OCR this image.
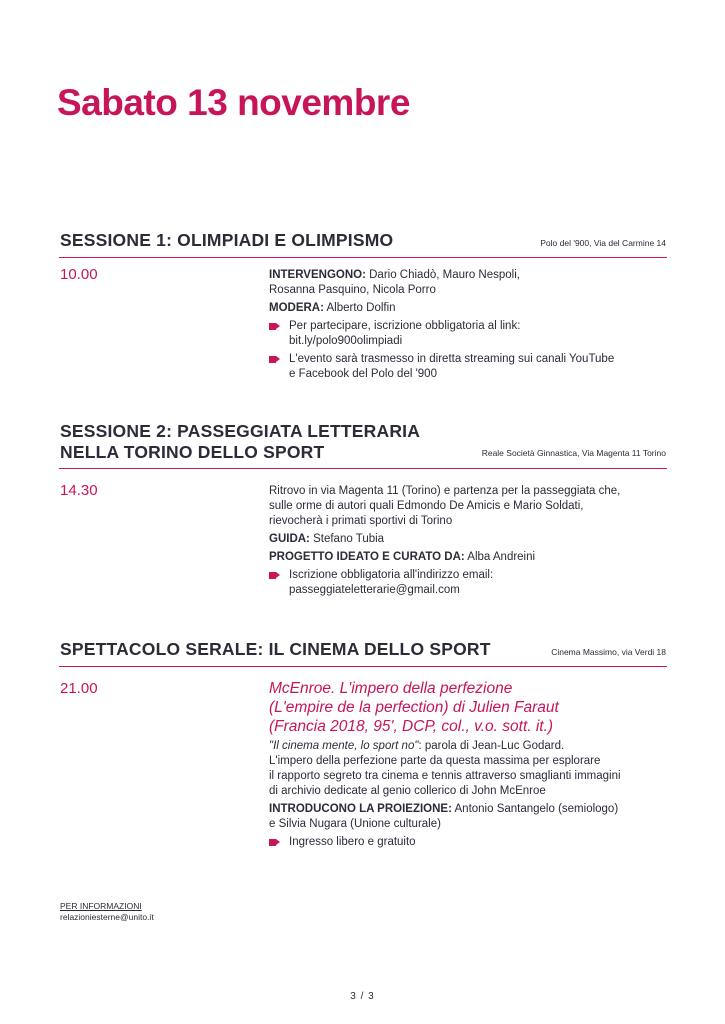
Sabato 13 novembre
SESSIONE 1: OLIMPIADI E OLIMPISMO	Polo del '900, Via del Carmine 14
10.00	INTERVENGONO: Dario Chiadò, Mauro Nespoli,
Rosanna Pasquino, Nicola Porro

MODERA: Alberto Dolfin

Per partecipare, iscrizione obbligatoria al link:
bit.ly/polo900olimpiadi
L'evento sarà trasmesso in diretta streaming sui canali YouTube
e Facebook del Polo del '900
SESSIONE 2: PASSEGGIATA LETTERARIA
NELLA TORINO DELLO SPORT	Reale Società Ginnastica, Via Magenta 11 Torino
14.30	Ritrovo in via Magenta 11 (Torino) e partenza per la passeggiata che,
sulle orme di autori quali Edmondo De Amicis e Mario Soldati,
rievocherà i primati sportivi di Torino

GUIDA: Stefano Tubia

PROGETTO IDEATO E CURATO DA: Alba Andreini

Iscrizione obbligatoria all'indirizzo email:
passeggiateletterarie@gmail.com
SPETTACOLO SERALE: IL CINEMA DELLO SPORT	Cinema Massimo, via Verdi 18
21.00	McEnroe. L'impero della perfezione
(L'empire de la perfection) di Julien Faraut
(Francia 2018, 95', DCP, col., v.o. sott. it.)

"Il cinema mente, lo sport no": parola di Jean-Luc Godard.
L'impero della perfezione parte da questa massima per esplorare
il rapporto segreto tra cinema e tennis attraverso smaglianti immagini
di archivio dedicate al genio collerico di John McEnroe

INTRODUCONO LA PROIEZIONE: Antonio Santangelo (semiologo)
e Silvia Nugara (Unione culturale)

Ingresso libero e gratuito
PER INFORMAZIONI
relazioniesterne@unito.it
3 / 3
